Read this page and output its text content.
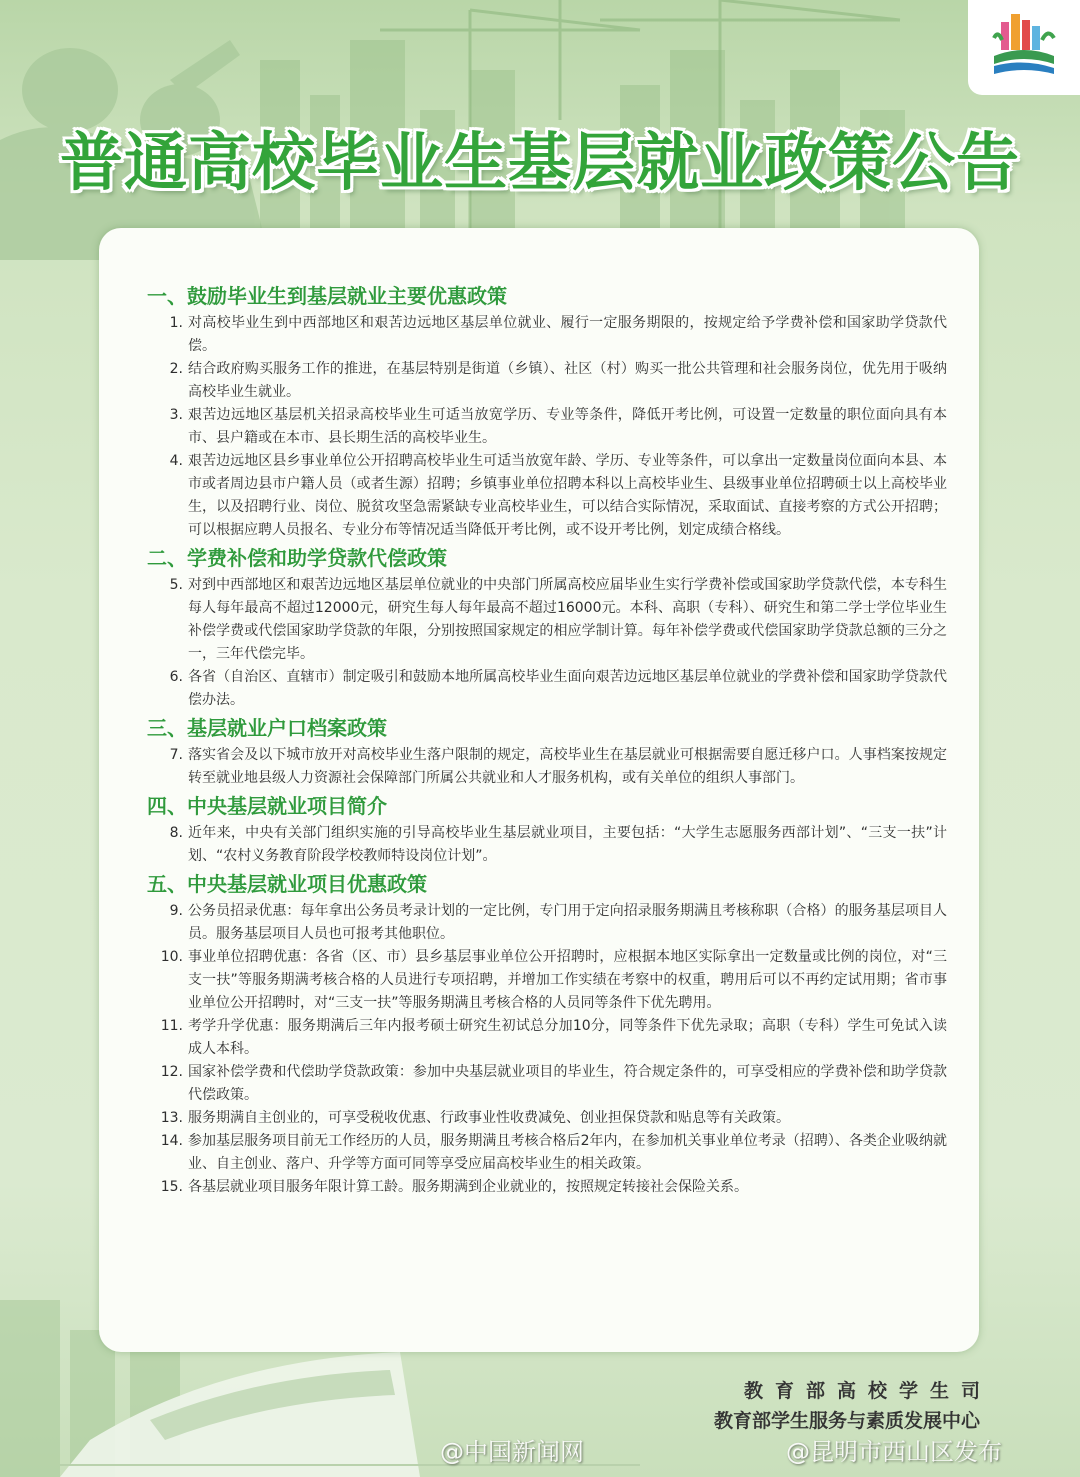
普通高校毕业生基层就业政策公告
一、鼓励毕业生到基层就业主要优惠政策
1. 对高校毕业生到中西部地区和艰苦边远地区基层单位就业、履行一定服务期限的，按规定给予学费补偿和国家助学贷款代偿。
2. 结合政府购买服务工作的推进，在基层特别是街道（乡镇）、社区（村）购买一批公共管理和社会服务岗位，优先用于吸纳高校毕业生就业。
3. 艰苦边远地区基层机关招录高校毕业生可适当放宽学历、专业等条件，降低开考比例，可设置一定数量的职位面向具有本市、县户籍或在本市、县长期生活的高校毕业生。
4. 艰苦边远地区县乡事业单位公开招聘高校毕业生可适当放宽年龄、学历、专业等条件，可以拿出一定数量岗位面向本县、本市或者周边县市户籍人员（或者生源）招聘；乡镇事业单位招聘本科以上高校毕业生、县级事业单位招聘硕士以上高校毕业生，以及招聘行业、岗位、脱贫攻坚急需紧缺专业高校毕业生，可以结合实际情况，采取面试、直接考察的方式公开招聘；可以根据应聘人员报名、专业分布等情况适当降低开考比例，或不设开考比例，划定成绩合格线。
二、学费补偿和助学贷款代偿政策
5. 对到中西部地区和艰苦边远地区基层单位就业的中央部门所属高校应届毕业生实行学费补偿或国家助学贷款代偿，本专科生每人每年最高不超过12000元，研究生每人每年最高不超过16000元。本科、高职（专科）、研究生和第二学士学位毕业生补偿学费或代偿国家助学贷款的年限，分别按照国家规定的相应学制计算。每年补偿学费或代偿国家助学贷款总额的三分之一，三年代偿完毕。
6. 各省（自治区、直辖市）制定吸引和鼓励本地所属高校毕业生面向艰苦边远地区基层单位就业的学费补偿和国家助学贷款代偿办法。
三、基层就业户口档案政策
7. 落实省会及以下城市放开对高校毕业生落户限制的规定，高校毕业生在基层就业可根据需要自愿迁移户口。人事档案按规定转至就业地县级人力资源社会保障部门所属公共就业和人才服务机构，或有关单位的组织人事部门。
四、中央基层就业项目简介
8. 近年来，中央有关部门组织实施的引导高校毕业生基层就业项目，主要包括：“大学生志愿服务西部计划”、“三支一扶”计划、“农村义务教育阶段学校教师特设岗位计划”。
五、中央基层就业项目优惠政策
9. 公务员招录优惠：每年拿出公务员考录计划的一定比例，专门用于定向招录服务期满且考核称职（合格）的服务基层项目人员。服务基层项目人员也可报考其他职位。
10. 事业单位招聘优惠：各省（区、市）县乡基层事业单位公开招聘时，应根据本地区实际拿出一定数量或比例的岗位，对“三支一扶”等服务期满考核合格的人员进行专项招聘，并增加工作实绩在考察中的权重，聘用后可以不再约定试用期；省市事业单位公开招聘时，对“三支一扶”等服务期满且考核合格的人员同等条件下优先聘用。
11. 考学升学优惠：服务期满后三年内报考硕士研究生初试总分加10分，同等条件下优先录取；高职（专科）学生可免试入读成人本科。
12. 国家补偿学费和代偿助学贷款政策：参加中央基层就业项目的毕业生，符合规定条件的，可享受相应的学费补偿和助学贷款代偿政策。
13. 服务期满自主创业的，可享受税收优惠、行政事业性收费减免、创业担保贷款和贴息等有关政策。
14. 参加基层服务项目前无工作经历的人员，服务期满且考核合格后2年内，在参加机关事业单位考录（招聘）、各类企业吸纳就业、自主创业、落户、升学等方面可同等享受应届高校毕业生的相关政策。
15. 各基层就业项目服务年限计算工龄。服务期满到企业就业的，按照规定转接社会保险关系。
教育部高校学生司
教育部学生服务与素质发展中心
@中国新闻网	@昆明市西山区发布
